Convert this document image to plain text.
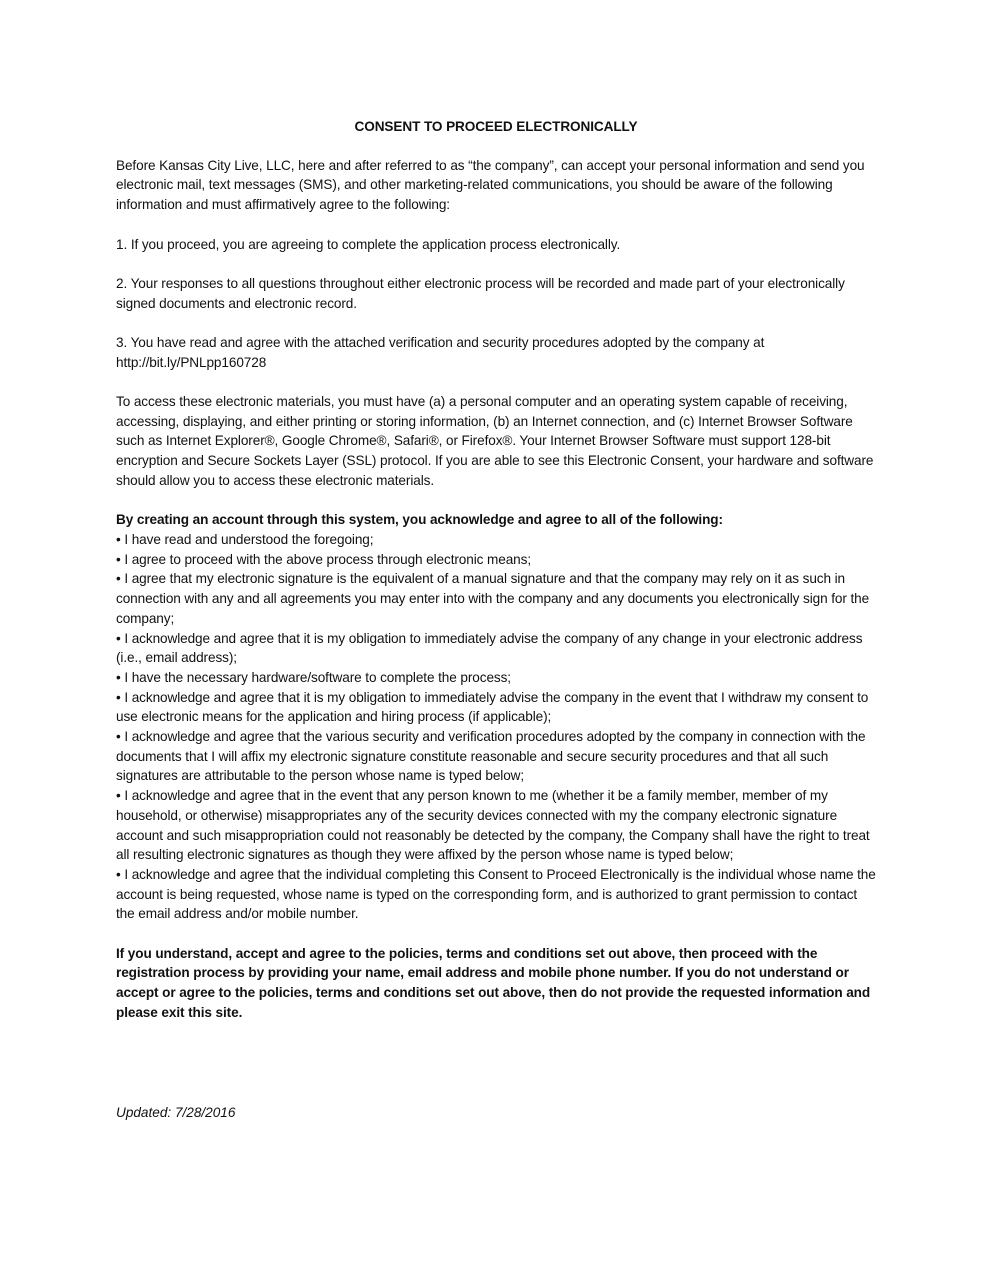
CONSENT TO PROCEED ELECTRONICALLY

Before Kansas City Live, LLC, here and after referred to as “the company”, can accept your personal information and send you electronic mail, text messages (SMS), and other marketing-related communications, you should be aware of the following information and must affirmatively agree to the following:

1. If you proceed, you are agreeing to complete the application process electronically.

2. Your responses to all questions throughout either electronic process will be recorded and made part of your electronically signed documents and electronic record.

3. You have read and agree with the attached verification and security procedures adopted by the company at http://bit.ly/PNLpp160728

To access these electronic materials, you must have (a) a personal computer and an operating system capable of receiving, accessing, displaying, and either printing or storing information, (b) an Internet connection, and (c) Internet Browser Software such as Internet Explorer®, Google Chrome®, Safari®, or Firefox®. Your Internet Browser Software must support 128-bit encryption and Secure Sockets Layer (SSL) protocol. If you are able to see this Electronic Consent, your hardware and software should allow you to access these electronic materials.

By creating an account through this system, you acknowledge and agree to all of the following:
• I have read and understood the foregoing;
• I agree to proceed with the above process through electronic means;
• I agree that my electronic signature is the equivalent of a manual signature and that the company may rely on it as such in connection with any and all agreements you may enter into with the company and any documents you electronically sign for the company;
• I acknowledge and agree that it is my obligation to immediately advise the company of any change in your electronic address (i.e., email address);
• I have the necessary hardware/software to complete the process;
• I acknowledge and agree that it is my obligation to immediately advise the company in the event that I withdraw my consent to use electronic means for the application and hiring process (if applicable);
• I acknowledge and agree that the various security and verification procedures adopted by the company in connection with the documents that I will affix my electronic signature constitute reasonable and secure security procedures and that all such signatures are attributable to the person whose name is typed below;
• I acknowledge and agree that in the event that any person known to me (whether it be a family member, member of my household, or otherwise) misappropriates any of the security devices connected with my the company electronic signature account and such misappropriation could not reasonably be detected by the company, the Company shall have the right to treat all resulting electronic signatures as though they were affixed by the person whose name is typed below;
• I acknowledge and agree that the individual completing this Consent to Proceed Electronically is the individual whose name the account is being requested, whose name is typed on the corresponding form, and is authorized to grant permission to contact the email address and/or mobile number.

If you understand, accept and agree to the policies, terms and conditions set out above, then proceed with the registration process by providing your name, email address and mobile phone number. If you do not understand or accept or agree to the policies, terms and conditions set out above, then do not provide the requested information and please exit this site.

Updated: 7/28/2016
